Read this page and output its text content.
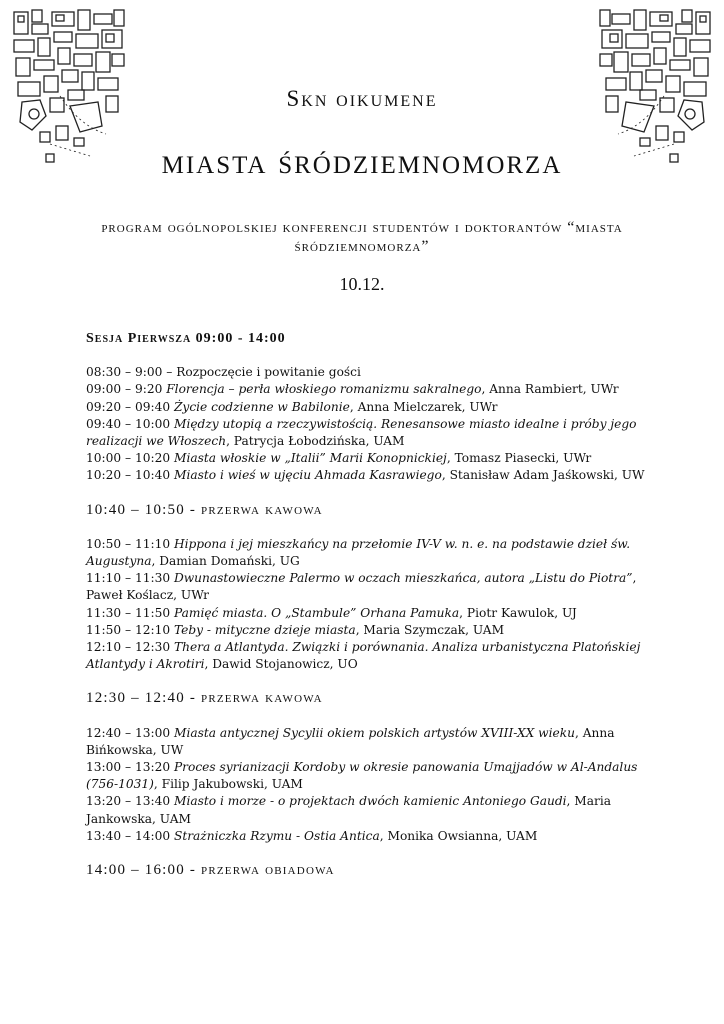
Skn oikumene
miasta śródziemnomorza
program ogólnopolskiej konferencji studentów i doktorantów “miasta śródziemnomorza”
10.12.
Sesja Pierwsza 09:00 - 14:00

08:30 – 9:00 – Rozpoczęcie i powitanie gości

09:00 – 9:20 Florencja – perła włoskiego romanizmu sakralnego, Anna Rambiert, UWr

09:20 – 09:40 Życie codzienne w Babilonie, Anna Mielczarek, UWr

09:40 – 10:00 Między utopią a rzeczywistością. Renesansowe miasto idealne i próby jego realizacji we Włoszech, Patrycja Łobodzińska, UAM

10:00 – 10:20 Miasta włoskie w „Italii” Marii Konopnickiej, Tomasz Piasecki, UWr

10:20 – 10:40 Miasto i wieś w ujęciu Ahmada Kasrawiego, Stanisław Adam Jaśkowski, UW

10:40 – 10:50 - przerwa kawowa

10:50 – 11:10 Hippona i jej mieszkańcy na przełomie IV-V w. n. e. na podstawie dzieł św. Augustyna, Damian Domański, UG

11:10 – 11:30 Dwunastowieczne Palermo w oczach mieszkańca, autora „Listu do Piotra”, Paweł Koślacz, UWr

11:30 – 11:50 Pamięć miasta. O „Stambule” Orhana Pamuka, Piotr Kawulok, UJ

11:50 – 12:10 Teby - mityczne dzieje miasta, Maria Szymczak, UAM

12:10 – 12:30 Thera a Atlantyda. Związki i porównania. Analiza urbanistyczna Platońskiej Atlantydy i Akrotiri, Dawid Stojanowicz, UO

12:30 – 12:40 - przerwa kawowa

12:40 – 13:00 Miasta antycznej Sycylii okiem polskich artystów XVIII-XX wieku, Anna Bińkowska, UW

13:00 – 13:20 Proces syrianizacji Kordoby w okresie panowania Umajjadów w Al-Andalus (756-1031), Filip Jakubowski, UAM

13:20 – 13:40 Miasto i morze - o projektach dwóch kamienic Antoniego Gaudi, Maria Jankowska, UAM

13:40 – 14:00 Strażniczka Rzymu - Ostia Antica, Monika Owsianna, UAM

14:00 – 16:00 - przerwa obiadowa
